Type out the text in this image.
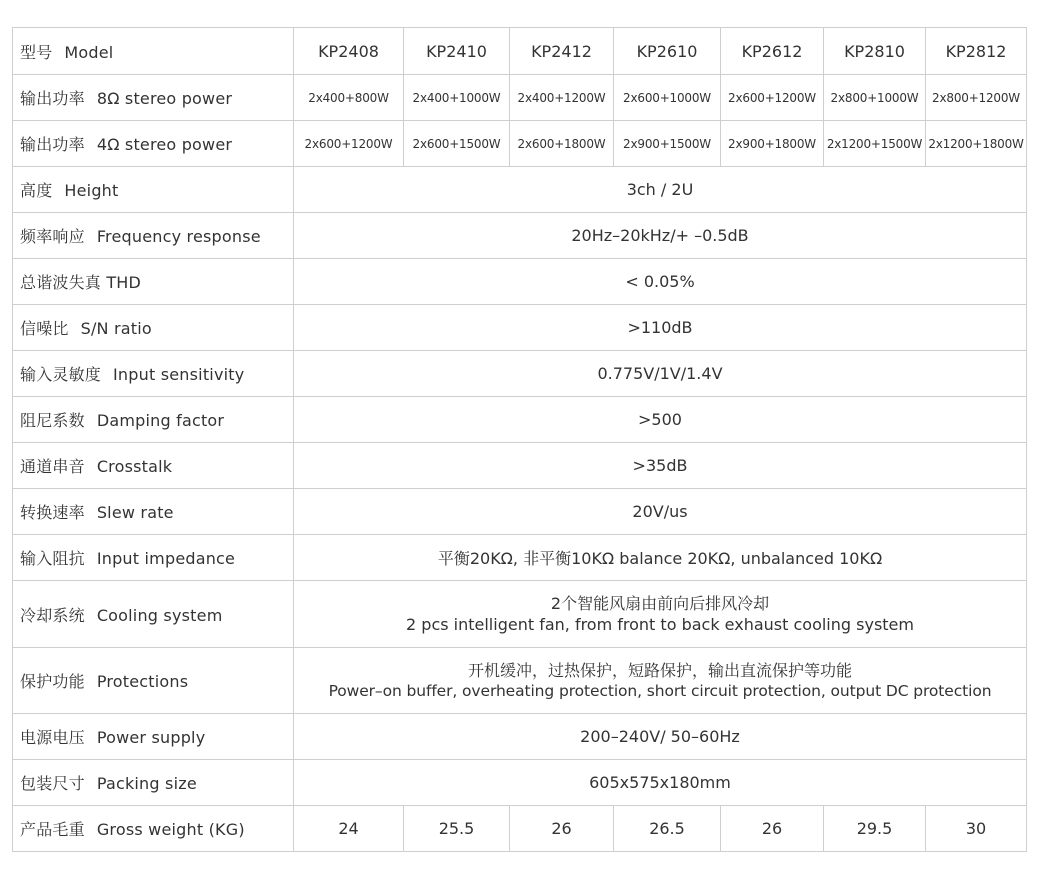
型号 Model	KP2408	KP2410	KP2412	KP2610	KP2612	KP2810	KP2812
输出功率 8Ω stereo power	2x400+800W	2x400+1000W	2x400+1200W	2x600+1000W	2x600+1200W	2x800+1000W	2x800+1200W
输出功率 4Ω stereo power	2x600+1200W	2x600+1500W	2x600+1800W	2x900+1500W	2x900+1800W	2x1200+1500W	2x1200+1800W
高度 Height	3ch / 2U						
频率响应 Frequency response	20Hz–20kHz/+ –0.5dB						
总谐波失真 THD	< 0.05%						
信噪比 S/N ratio	>110dB						
输入灵敏度 Input sensitivity	0.775V/1V/1.4V						
阻尼系数 Damping factor	>500						
通道串音 Crosstalk	>35dB						
转换速率 Slew rate	20V/us						
输入阻抗 Input impedance	平衡20KΩ, 非平衡10KΩ balance 20KΩ, unbalanced 10KΩ						
冷却系统 Cooling system	2个智能风扇由前向后排风冷却
2 pcs intelligent fan, from front to back exhaust cooling system						

保护功能 Protections	开机缓冲，过热保护，短路保护，输出直流保护等功能
Power–on buffer, overheating protection, short circuit protection, output DC protection						

电源电压 Power supply	200–240V/ 50–60Hz						
包装尺寸 Packing size	605x575x180mm						
产品毛重 Gross weight (KG)	24	25.5	26	26.5	26	29.5	30
